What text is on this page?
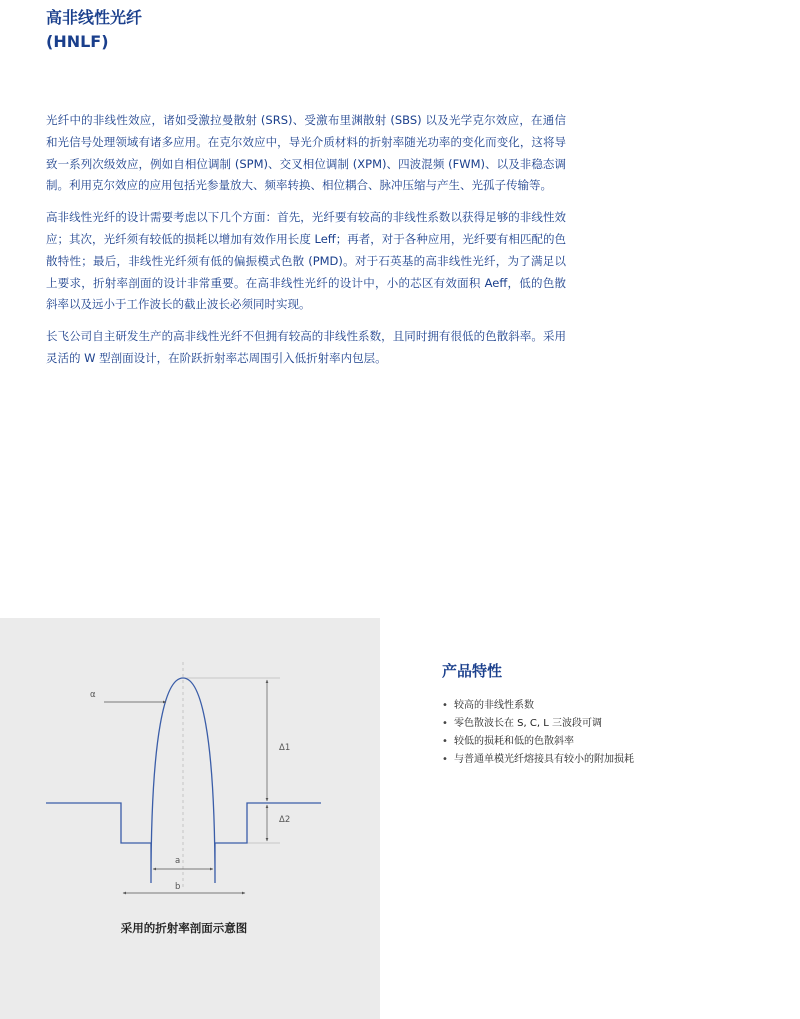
高非线性光纤
(HNLF)

光纤中的非线性效应，诸如受激拉曼散射 (SRS)、受激布里渊散射 (SBS) 以及光学克尔效应，在通信和光信号处理领域有诸多应用。在克尔效应中，导光介质材料的折射率随光功率的变化而变化，这将导致一系列次级效应，例如自相位调制 (SPM)、交叉相位调制 (XPM)、四波混频 (FWM)、以及非稳态调制。利用克尔效应的应用包括光参量放大、频率转换、相位耦合、脉冲压缩与产生、光孤子传输等。

高非线性光纤的设计需要考虑以下几个方面：首先，光纤要有较高的非线性系数以获得足够的非线性效应；其次，光纤须有较低的损耗以增加有效作用长度 Leff；再者，对于各种应用，光纤要有相匹配的色散特性；最后，非线性光纤须有低的偏振模式色散 (PMD)。对于石英基的高非线性光纤，为了满足以上要求，折射率剖面的设计非常重要。在高非线性光纤的设计中，小的芯区有效面积 Aeff，低的色散斜率以及远小于工作波长的截止波长必须同时实现。

长飞公司自主研发生产的高非线性光纤不但拥有较高的非线性系数，且同时拥有很低的色散斜率。采用灵活的 W 型剖面设计，在阶跃折射率芯周围引入低折射率内包层。

α
Δ1
Δ2
a
b
采用的折射率剖面示意图
产品特性
• 较高的非线性系数
• 零色散波长在 S, C, L 三波段可调
• 较低的损耗和低的色散斜率
• 与普通单模光纤熔接具有较小的附加损耗
